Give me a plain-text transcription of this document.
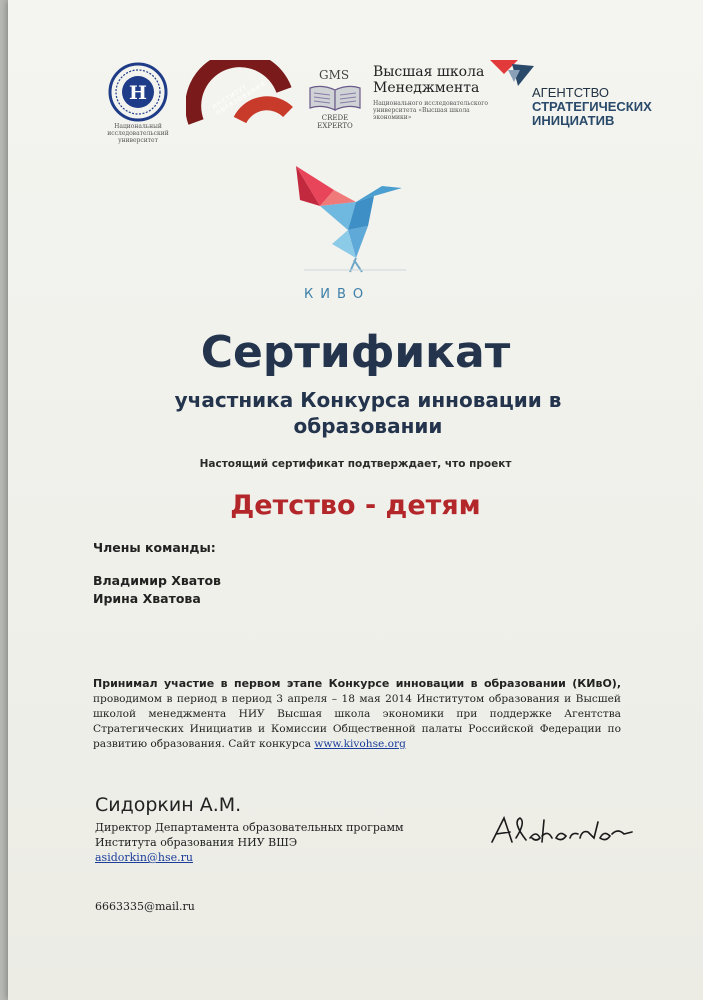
Н
Национальный исследовательский университет
ИНСТИТУТ ОБРАЗОВАНИЯ
GMS
CREDE EXPERTO
Высшая школа Менеджмента
Национального исследовательского университета «Высшая школа экономики»
АГЕНТСТВО
СТРАТЕГИЧЕСКИХ
ИНИЦИАТИВ
КИВО
Сертификат
участника Конкурса инновации в образовании
Настоящий сертификат подтверждает, что проект
Детство - детям
Члены команды:
Владимир Хватов
Ирина Хватова
Принимал участие в первом этапе Конкурсе инновации в образовании (КИвО), проводимом в период в период 3 апреля – 18 мая 2014 Институтом образования и Высшей школой менеджмента НИУ Высшая школа экономики при поддержке Агентства Стратегических Инициатив и Комиссии Общественной палаты Российской Федерации по развитию образования. Сайт конкурса www.kivohse.org
Сидоркин А.М.
Директор Департамента образовательных программ
Института образования НИУ ВШЭ
asidorkin@hse.ru
6663335@mail.ru
